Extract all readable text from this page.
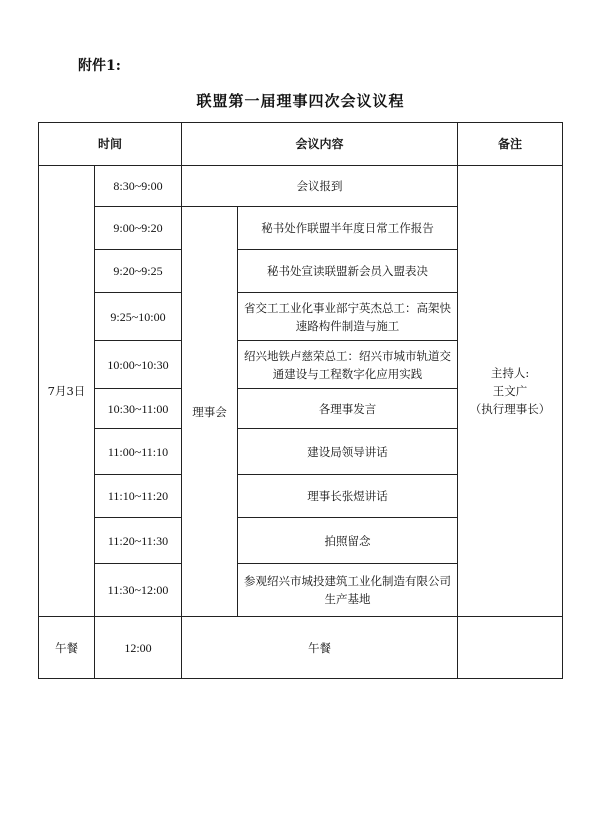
附件1:
联盟第一届理事四次会议议程
时间		会议内容		备注
7月3日	8:30~9:00	会议报到		主持人:
王文广
（执行理事长）

	9:00~9:20	理事会	秘书处作联盟半年度日常工作报告	
	9:20~9:25		秘书处宣读联盟新会员入盟表决	
	9:25~10:00		省交工工业化事业部宁英杰总工：高架快速路构件制造与施工	
	10:00~10:30		绍兴地铁卢慈荣总工：绍兴市城市轨道交通建设与工程数字化应用实践	
	10:30~11:00		各理事发言	
	11:00~11:10		建设局领导讲话	
	11:10~11:20		理事长张煜讲话	
	11:20~11:30		拍照留念	
	11:30~12:00		参观绍兴市城投建筑工业化制造有限公司生产基地	
午餐	12:00	午餐		
